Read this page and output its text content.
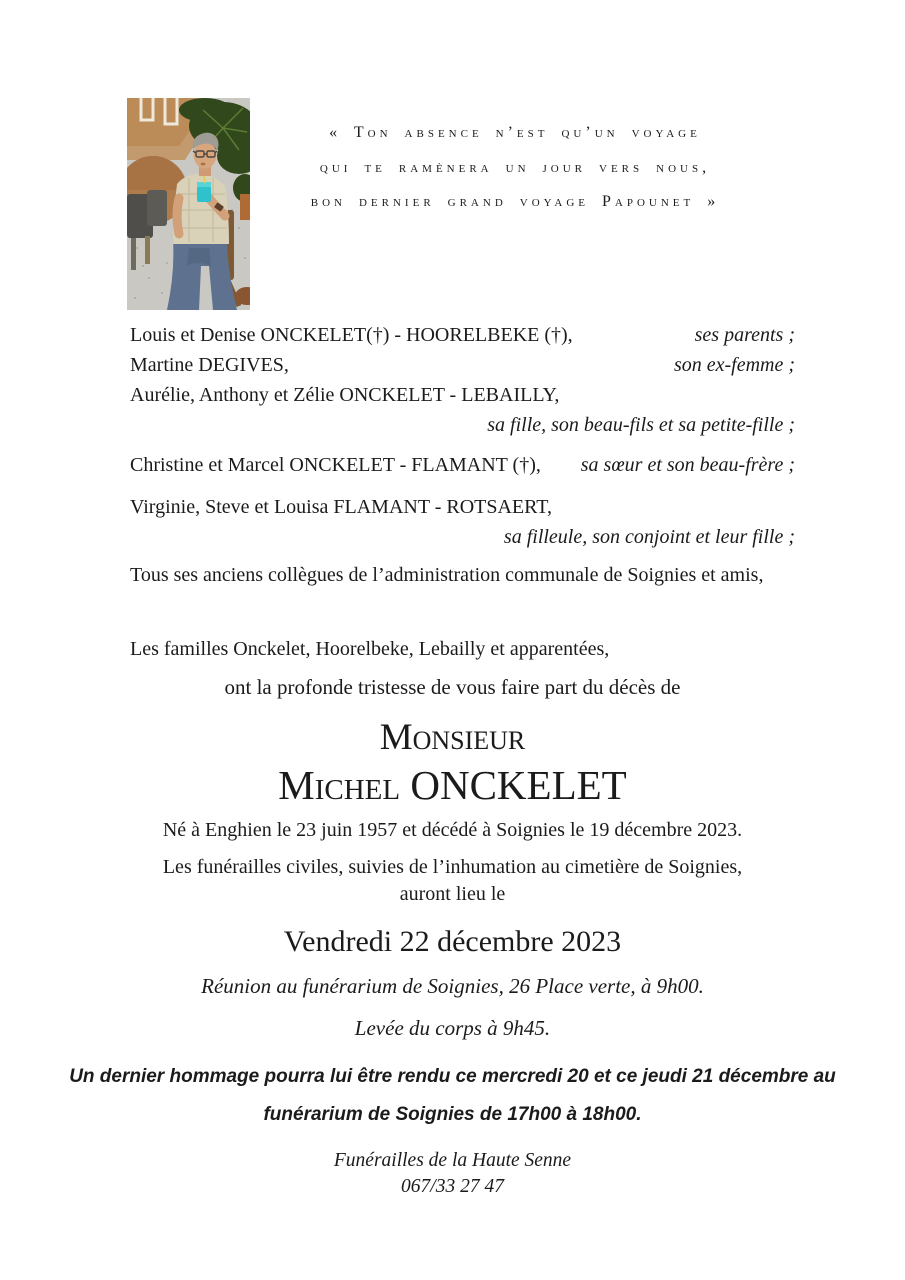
« Ton absence n’est qu’un voyage
qui te ramènera un jour vers nous,
bon dernier grand voyage Papounet »
Louis et Denise ONCKELET(†) - HOORELBEKE (†),	ses parents ;
Martine DEGIVES,	son ex-femme ;
Aurélie, Anthony et Zélie ONCKELET - LEBAILLY,
sa fille, son beau-fils et sa petite-fille ;
Christine et Marcel ONCKELET - FLAMANT (†), sa sœur et son beau-frère ;
Virginie, Steve et Louisa FLAMANT - ROTSAERT,
sa filleule, son conjoint et leur fille ;
Tous ses anciens collègues de l’administration communale de Soignies et amis,
Les familles Onckelet, Hoorelbeke, Lebailly et apparentées,
ont la profonde tristesse de vous faire part du décès de
Monsieur
Michel ONCKELET
Né à Enghien le 23 juin 1957 et décédé à Soignies le 19 décembre 2023.
Les funérailles civiles, suivies de l’inhumation au cimetière de Soignies,
auront lieu le
Vendredi 22 décembre 2023
Réunion au funérarium de Soignies, 26 Place verte, à 9h00.
Levée du corps à 9h45.
Un dernier hommage pourra lui être rendu ce mercredi 20 et ce jeudi 21 décembre au
funérarium de Soignies de 17h00 à 18h00.
Funérailles de la Haute Senne
067/33 27 47
